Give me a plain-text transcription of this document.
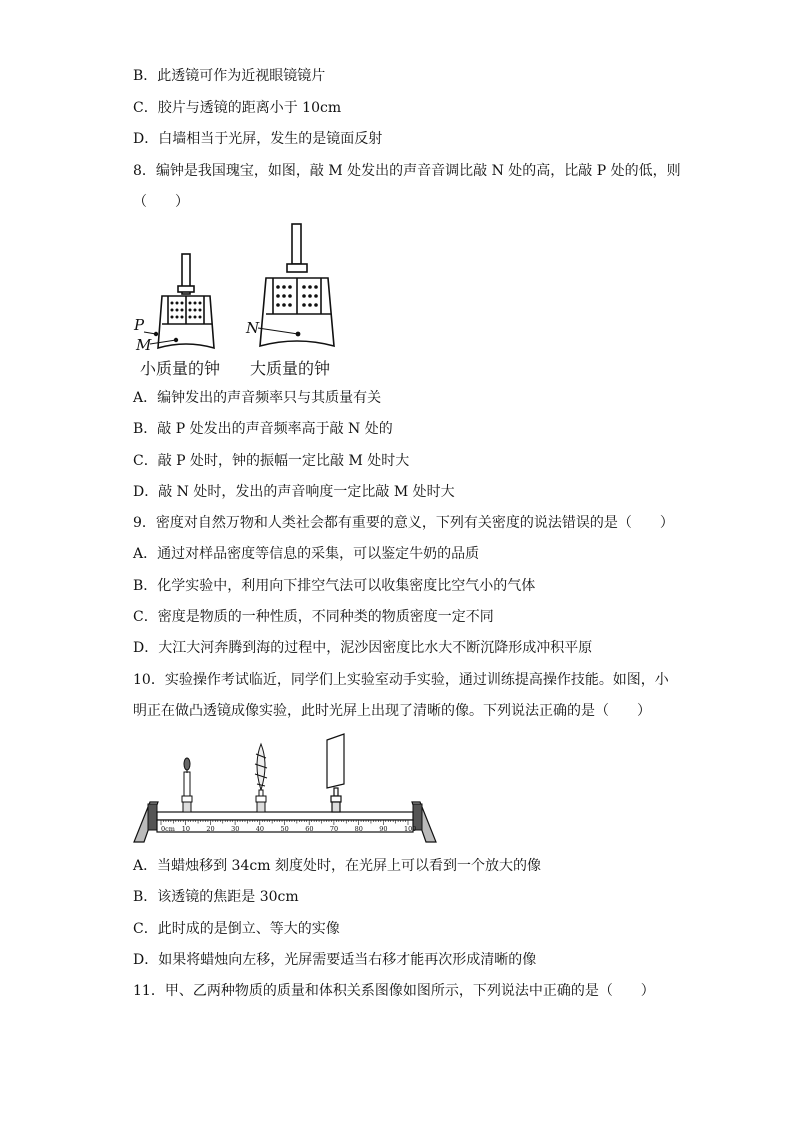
B．此透镜可作为近视眼镜镜片
C．胶片与透镜的距离小于 10cm
D．白墙相当于光屏，发生的是镜面反射
8．编钟是我国瑰宝，如图，敲 M 处发出的声音音调比敲 N 处的高，比敲 P 处的低，则
（　　）
P
M
N
小质量的钟 大质量的钟
A．编钟发出的声音频率只与其质量有关
B．敲 P 处发出的声音频率高于敲 N 处的
C．敲 P 处时，钟的振幅一定比敲 M 处时大
D．敲 N 处时，发出的声音响度一定比敲 M 处时大
9．密度对自然万物和人类社会都有重要的意义，下列有关密度的说法错误的是（　　）
A．通过对样品密度等信息的采集，可以鉴定牛奶的品质
B．化学实验中，利用向下排空气法可以收集密度比空气小的气体
C．密度是物质的一种性质，不同种类的物质密度一定不同
D．大江大河奔腾到海的过程中，泥沙因密度比水大不断沉降形成冲积平原
10．实验操作考试临近，同学们上实验室动手实验，通过训练提高操作技能。如图，小
明正在做凸透镜成像实验，此时光屏上出现了清晰的像。下列说法正确的是（　　）
0cm 10	20	30	40	50	60	70	80	90	100
A．当蜡烛移到 34cm 刻度处时，在光屏上可以看到一个放大的像
B．该透镜的焦距是 30cm
C．此时成的是倒立、等大的实像
D．如果将蜡烛向左移，光屏需要适当右移才能再次形成清晰的像
11．甲、乙两种物质的质量和体积关系图像如图所示，下列说法中正确的是（　　）
